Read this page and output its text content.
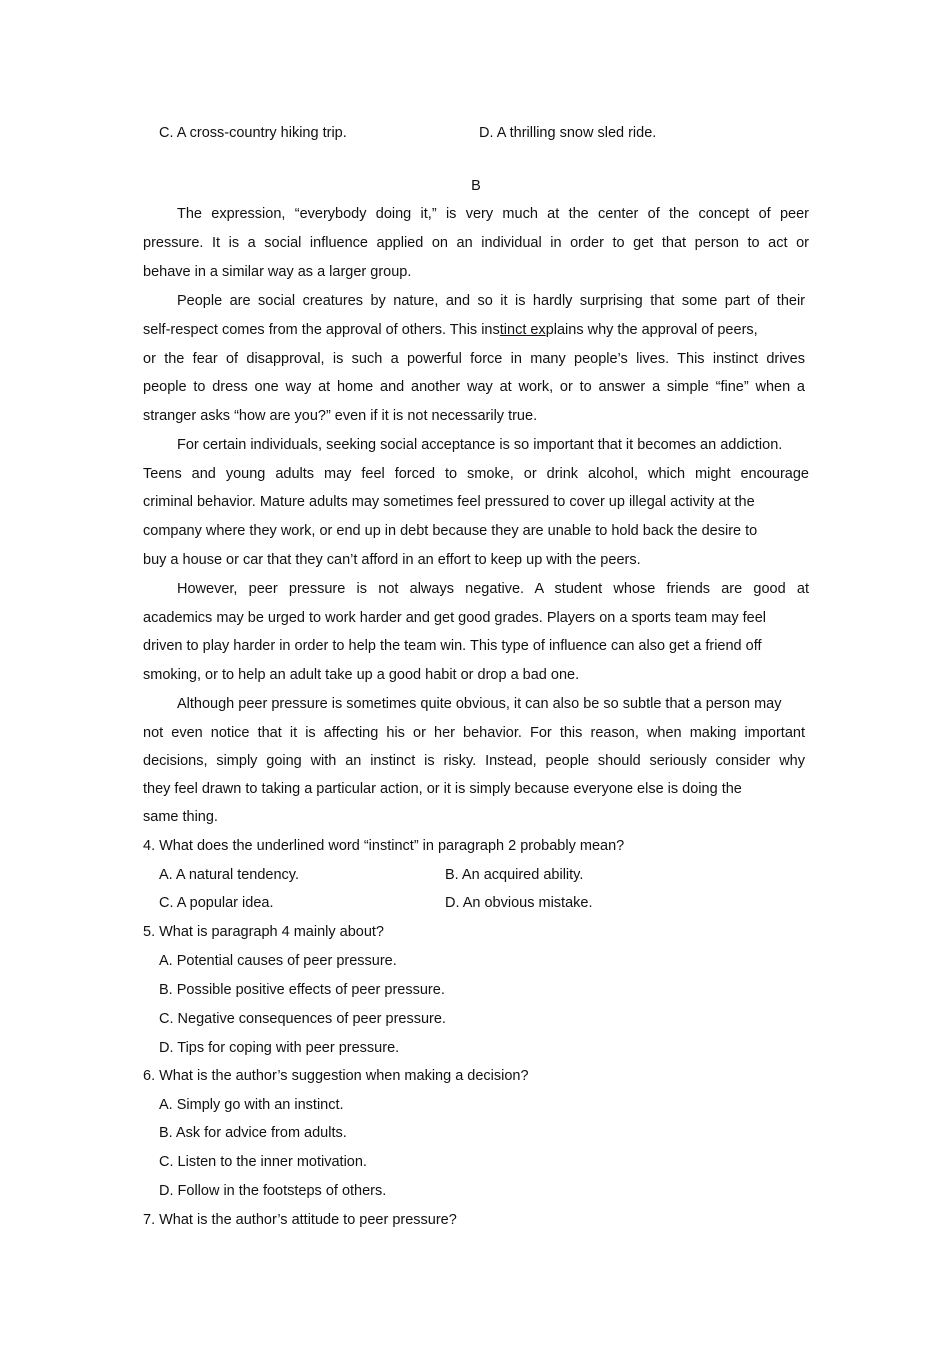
C. A cross-country hiking trip.	D. A thrilling snow sled ride.
B
The expression, “everybody doing it,” is very much at the center of the concept of peer
pressure. It is a social influence applied on an individual in order to get that person to act or
behave in a similar way as a larger group.
People are social creatures by nature, and so it is hardly surprising that some part of their
self-respect comes from the approval of others. This instinct explains why the approval of peers,
or the fear of disapproval, is such a powerful force in many people’s lives. This instinct drives
people to dress one way at home and another way at work, or to answer a simple “fine” when a
stranger asks “how are you?” even if it is not necessarily true.
For certain individuals, seeking social acceptance is so important that it becomes an addiction.
Teens and young adults may feel forced to smoke, or drink alcohol, which might encourage
criminal behavior. Mature adults may sometimes feel pressured to cover up illegal activity at the
company where they work, or end up in debt because they are unable to hold back the desire to
buy a house or car that they can’t afford in an effort to keep up with the peers.
However, peer pressure is not always negative. A student whose friends are good at
academics may be urged to work harder and get good grades. Players on a sports team may feel
driven to play harder in order to help the team win. This type of influence can also get a friend off
smoking, or to help an adult take up a good habit or drop a bad one.
Although peer pressure is sometimes quite obvious, it can also be so subtle that a person may
not even notice that it is affecting his or her behavior. For this reason, when making important
decisions, simply going with an instinct is risky. Instead, people should seriously consider why
they feel drawn to taking a particular action, or it is simply because everyone else is doing the
same thing.
4. What does the underlined word “instinct” in paragraph 2 probably mean?
A. A natural tendency.	B. An acquired ability.
C. A popular idea.	D. An obvious mistake.
5. What is paragraph 4 mainly about?
A. Potential causes of peer pressure.
B. Possible positive effects of peer pressure.
C. Negative consequences of peer pressure.
D. Tips for coping with peer pressure.
6. What is the author’s suggestion when making a decision?
A. Simply go with an instinct.
B. Ask for advice from adults.
C. Listen to the inner motivation.
D. Follow in the footsteps of others.
7. What is the author’s attitude to peer pressure?
